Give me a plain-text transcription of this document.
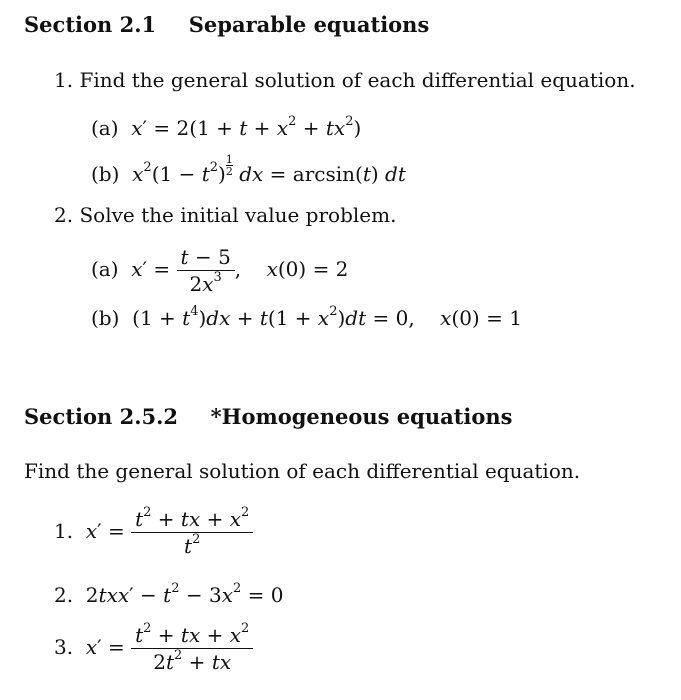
Section 2.1 Separable equations
1. Find the general solution of each differential equation.
(a) $x' = 2(1 + t + x^2 + tx^2)$
(b) $x^2(1 - t^2) \frac{1}{2}$ dx = arcsin(t) dt
2. Solve the initial value problem.
(a) $x' = \frac{t - 5}{2x^3}$ ,    x(0) = 2
(b)  $(1 + t^4)dx + t(1 + x^2)dt = 0$,    x(0) = 1
Section 2.5.2 *Homogeneous equations
Find the general solution of each differential equation.
1. $x' = \frac{t^2 + tx + x^2}{t^2}$
2.  $2txx' - t^2 - 3x^2 = 0$
3. $x' = \frac{t^2 + tx + x^2}{2t^2 + tx}$
